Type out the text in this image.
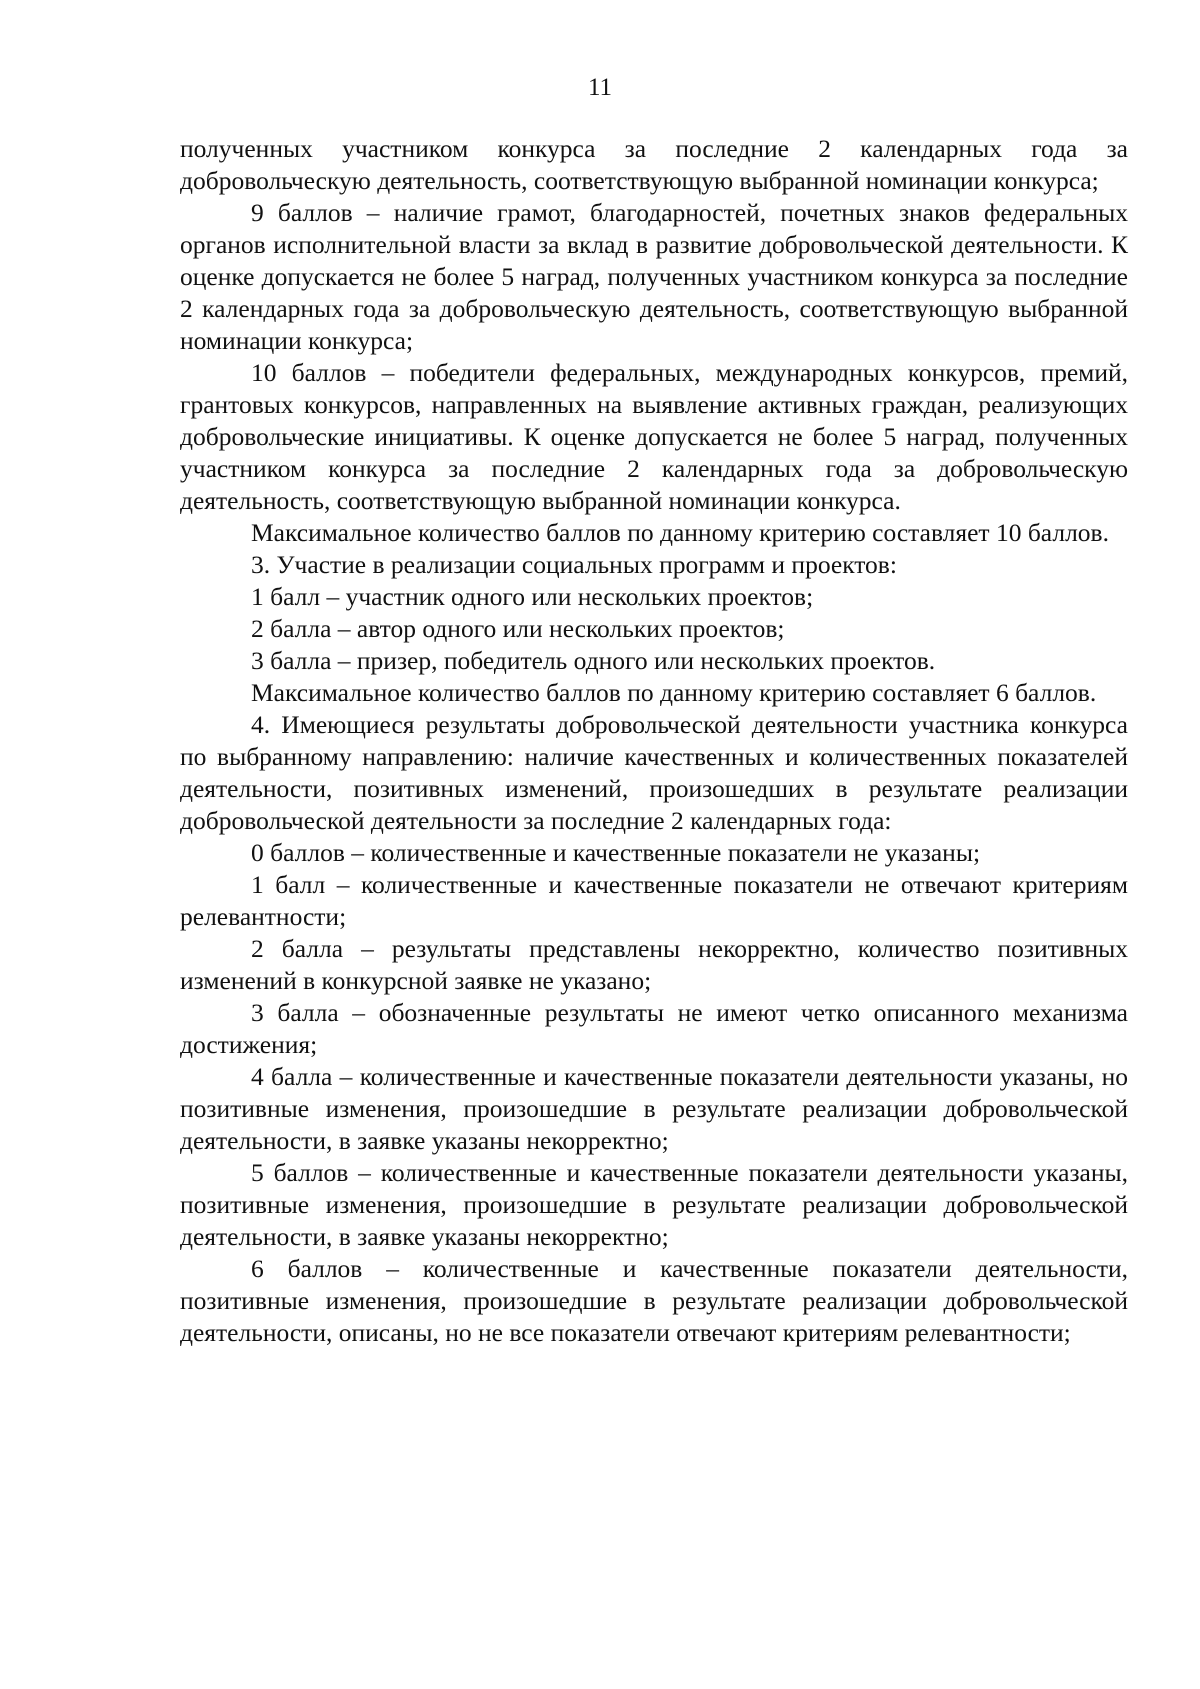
11

полученных участником конкурса за последние 2 календарных года за добровольческую деятельность, соответствующую выбранной номинации конкурса;

9 баллов – наличие грамот, благодарностей, почетных знаков федеральных органов исполнительной власти за вклад в развитие добровольческой деятельности. К оценке допускается не более 5 наград, полученных участником конкурса за последние 2 календарных года за добровольческую деятельность, соответствующую выбранной номинации конкурса;

10 баллов – победители федеральных, международных конкурсов, премий, грантовых конкурсов, направленных на выявление активных граждан, реализующих добровольческие инициативы. К оценке допускается не более 5 наград, полученных участником конкурса за последние 2 календарных года за добровольческую деятельность, соответствующую выбранной номинации конкурса.

Максимальное количество баллов по данному критерию составляет 10 баллов.

3. Участие в реализации социальных программ и проектов:

1 балл – участник одного или нескольких проектов;

2 балла – автор одного или нескольких проектов;

3 балла – призер, победитель одного или нескольких проектов.

Максимальное количество баллов по данному критерию составляет 6 баллов.

4. Имеющиеся результаты добровольческой деятельности участника конкурса по выбранному направлению: наличие качественных и количественных показателей деятельности, позитивных изменений, произошедших в результате реализации добровольческой деятельности за последние 2 календарных года:

0 баллов – количественные и качественные показатели не указаны;

1 балл – количественные и качественные показатели не отвечают критериям релевантности;

2 балла – результаты представлены некорректно, количество позитивных изменений в конкурсной заявке не указано;

3 балла – обозначенные результаты не имеют четко описанного механизма достижения;

4 балла – количественные и качественные показатели деятельности указаны, но позитивные изменения, произошедшие в результате реализации добровольческой деятельности, в заявке указаны некорректно;

5 баллов – количественные и качественные показатели деятельности указаны, позитивные изменения, произошедшие в результате реализации добровольческой деятельности, в заявке указаны некорректно;

6 баллов – количественные и качественные показатели деятельности, позитивные изменения, произошедшие в результате реализации добровольческой деятельности, описаны, но не все показатели отвечают критериям релевантности;
